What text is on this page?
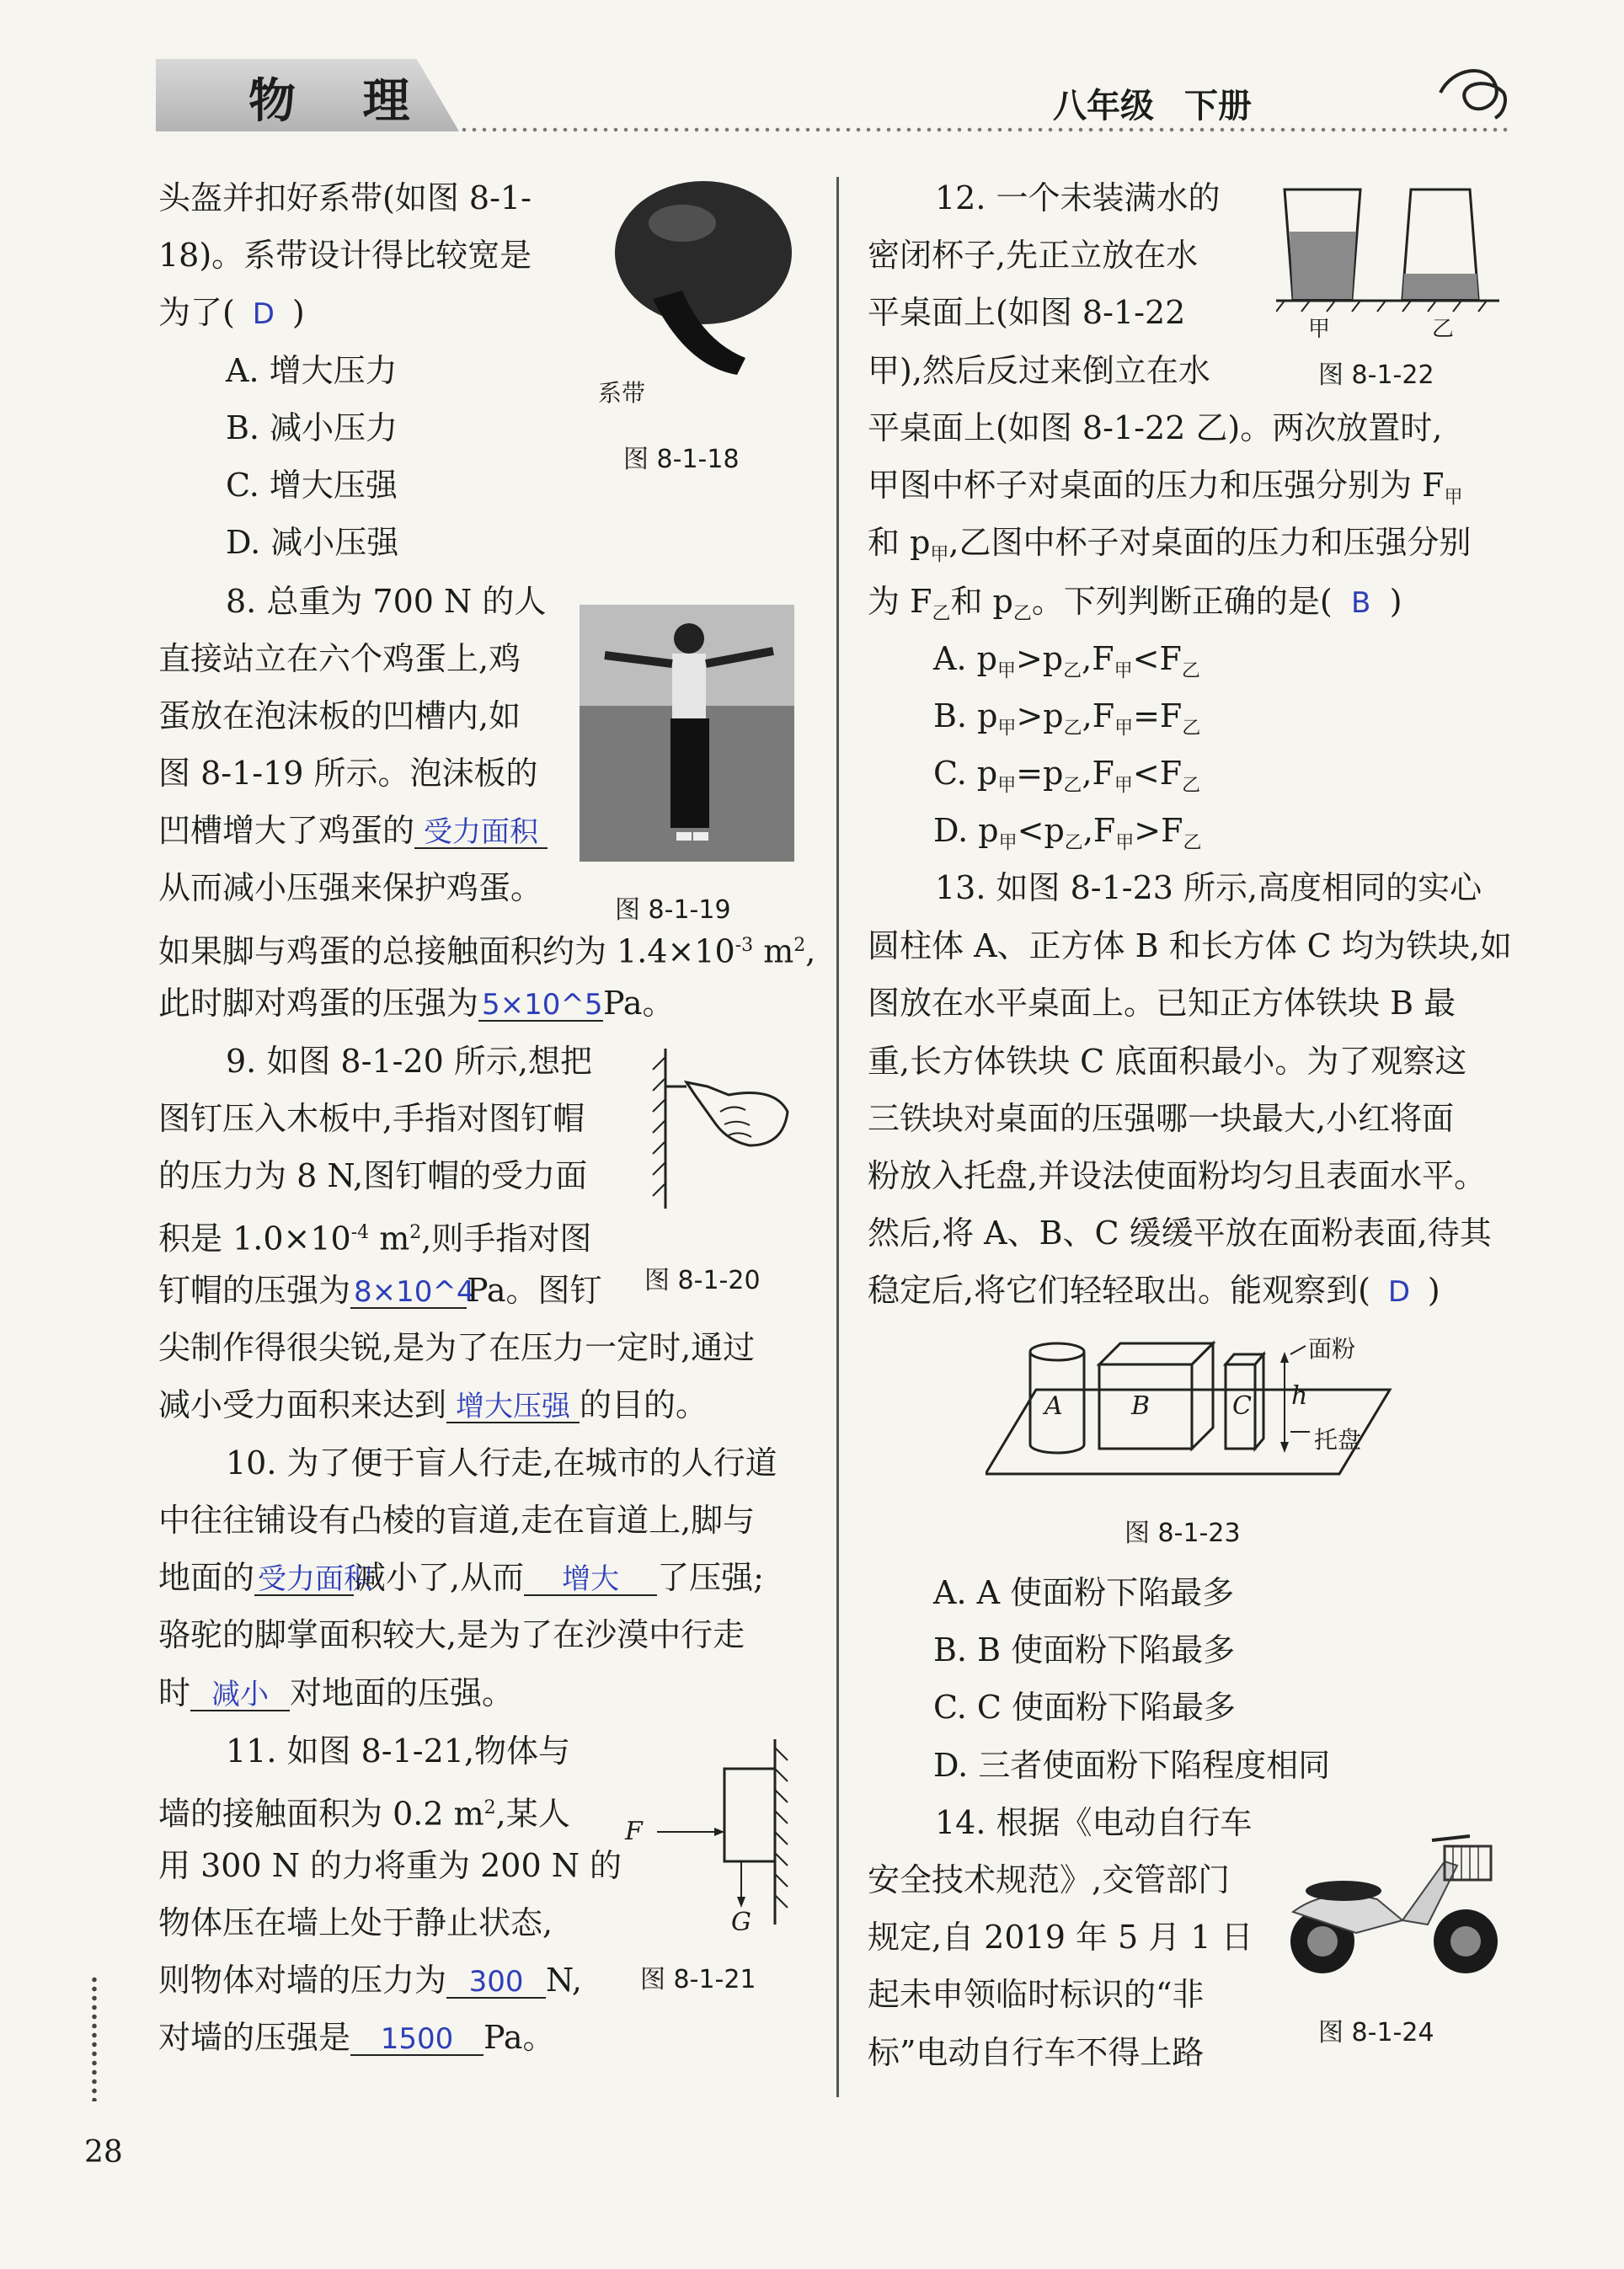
物 理	八年级 下册
头盔并扣好系带(如图 8-1-
18)。系带设计得比较宽是
为了( D )
A. 增大压力
B. 减小压力
C. 增大压强
D. 减小压强
系带
图 8-1-18
8. 总重为 700 N 的人
直接站立在六个鸡蛋上,鸡
蛋放在泡沫板的凹槽内,如
图 8-1-19 所示。泡沫板的
凹槽增大了鸡蛋的 受力面积
从而减小压强来保护鸡蛋。
如果脚与鸡蛋的总接触面积约为 $1.4\times 10^{-3}$ $m^2$,
此时脚对鸡蛋的压强为 5×10^5Pa。
图 8-1-19
9. 如图 8-1-20 所示,想把
图钉压入木板中,手指对图钉帽
的压力为 8 N,图钉帽的受力面
积是 $1.0\times 10^{-4}$ $m^2$,则手指对图
钉帽的压强为 8×10^4Pa。图钉
尖制作得很尖锐,是为了在压力一定时,通过
减小受力面积来达到 增大压强 的目的。
图 8-1-20
10. 为了便于盲人行走,在城市的人行道
中往往铺设有凸棱的盲道,走在盲道上,脚与
地面的 受力面积减小了,从而 增大 了压强;
骆驼的脚掌面积较大,是为了在沙漠中行走
时 减小 对地面的压强。
11. 如图 8-1-21,物体与
墙的接触面积为 0.2 $m^2$,某人
用 300 N 的力将重为 200 N 的
物体压在墙上处于静止状态,
则物体对墙的压力为 300 N,
对墙的压强是 1500 Pa。
F
G
图 8-1-21
12. 一个未装满水的
密闭杯子,先正立放在水
平桌面上(如图 8-1-22
甲),然后反过来倒立在水
平桌面上(如图 8-1-22 乙)。两次放置时,
甲图中杯子对桌面的压力和压强分别为 $F_甲$
和 $p_甲$,乙图中杯子对桌面的压力和压强分别
为 $F_乙$和 $p_乙$。下列判断正确的是( B )
A. $p_甲>p_乙,F_甲<F_乙$
B. $p_甲>p_乙,F_甲=F_乙$
C. $p_甲=p_乙,F_甲<F_乙$
D. $p_甲<p_乙,F_甲>F_乙$
甲	乙
图 8-1-22
13. 如图 8-1-23 所示,高度相同的实心
圆柱体 A、正方体 B 和长方体 C 均为铁块,如
图放在水平桌面上。已知正方体铁块 B 最
重,长方体铁块 C 底面积最小。为了观察这
三铁块对桌面的压强哪一块最大,小红将面
粉放入托盘,并设法使面粉均匀且表面水平。
然后,将 A、B、C 缓缓平放在面粉表面,待其
稳定后,将它们轻轻取出。能观察到( D )
A	B	C h
面粉
托盘
图 8-1-23
A. A 使面粉下陷最多
B. B 使面粉下陷最多
C. C 使面粉下陷最多
D. 三者使面粉下陷程度相同
14. 根据《电动自行车
安全技术规范》,交管部门
规定,自 2019 年 5 月 1 日
起未申领临时标识的“非
标”电动自行车不得上路
图 8-1-24
28
